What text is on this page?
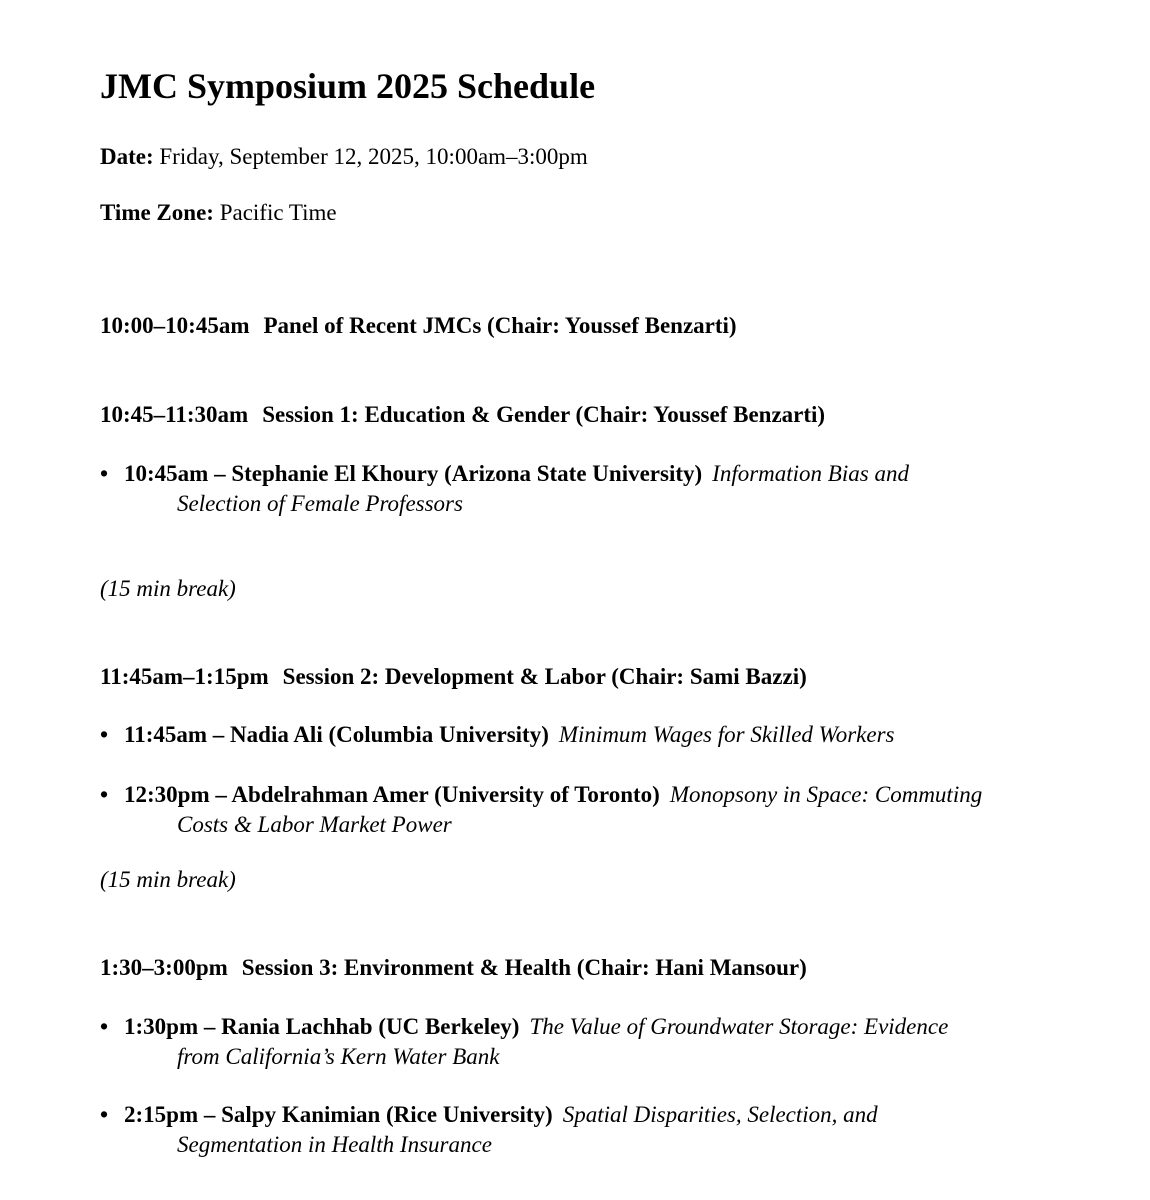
JMC Symposium 2025 Schedule
Date: Friday, September 12, 2025, 10:00am–3:00pm
Time Zone: Pacific Time
10:00–10:45am Panel of Recent JMCs (Chair: Youssef Benzarti)
10:45–11:30am Session 1: Education & Gender (Chair: Youssef Benzarti)
• 10:45am – Stephanie El Khoury (Arizona State University) Information Bias and
Selection of Female Professors
(15 min break)
11:45am–1:15pm Session 2: Development & Labor (Chair: Sami Bazzi)
• 11:45am – Nadia Ali (Columbia University) Minimum Wages for Skilled Workers
• 12:30pm – Abdelrahman Amer (University of Toronto) Monopsony in Space: Commuting
Costs & Labor Market Power
(15 min break)
1:30–3:00pm Session 3: Environment & Health (Chair: Hani Mansour)
• 1:30pm – Rania Lachhab (UC Berkeley) The Value of Groundwater Storage: Evidence
from California’s Kern Water Bank
• 2:15pm – Salpy Kanimian (Rice University) Spatial Disparities, Selection, and
Segmentation in Health Insurance
